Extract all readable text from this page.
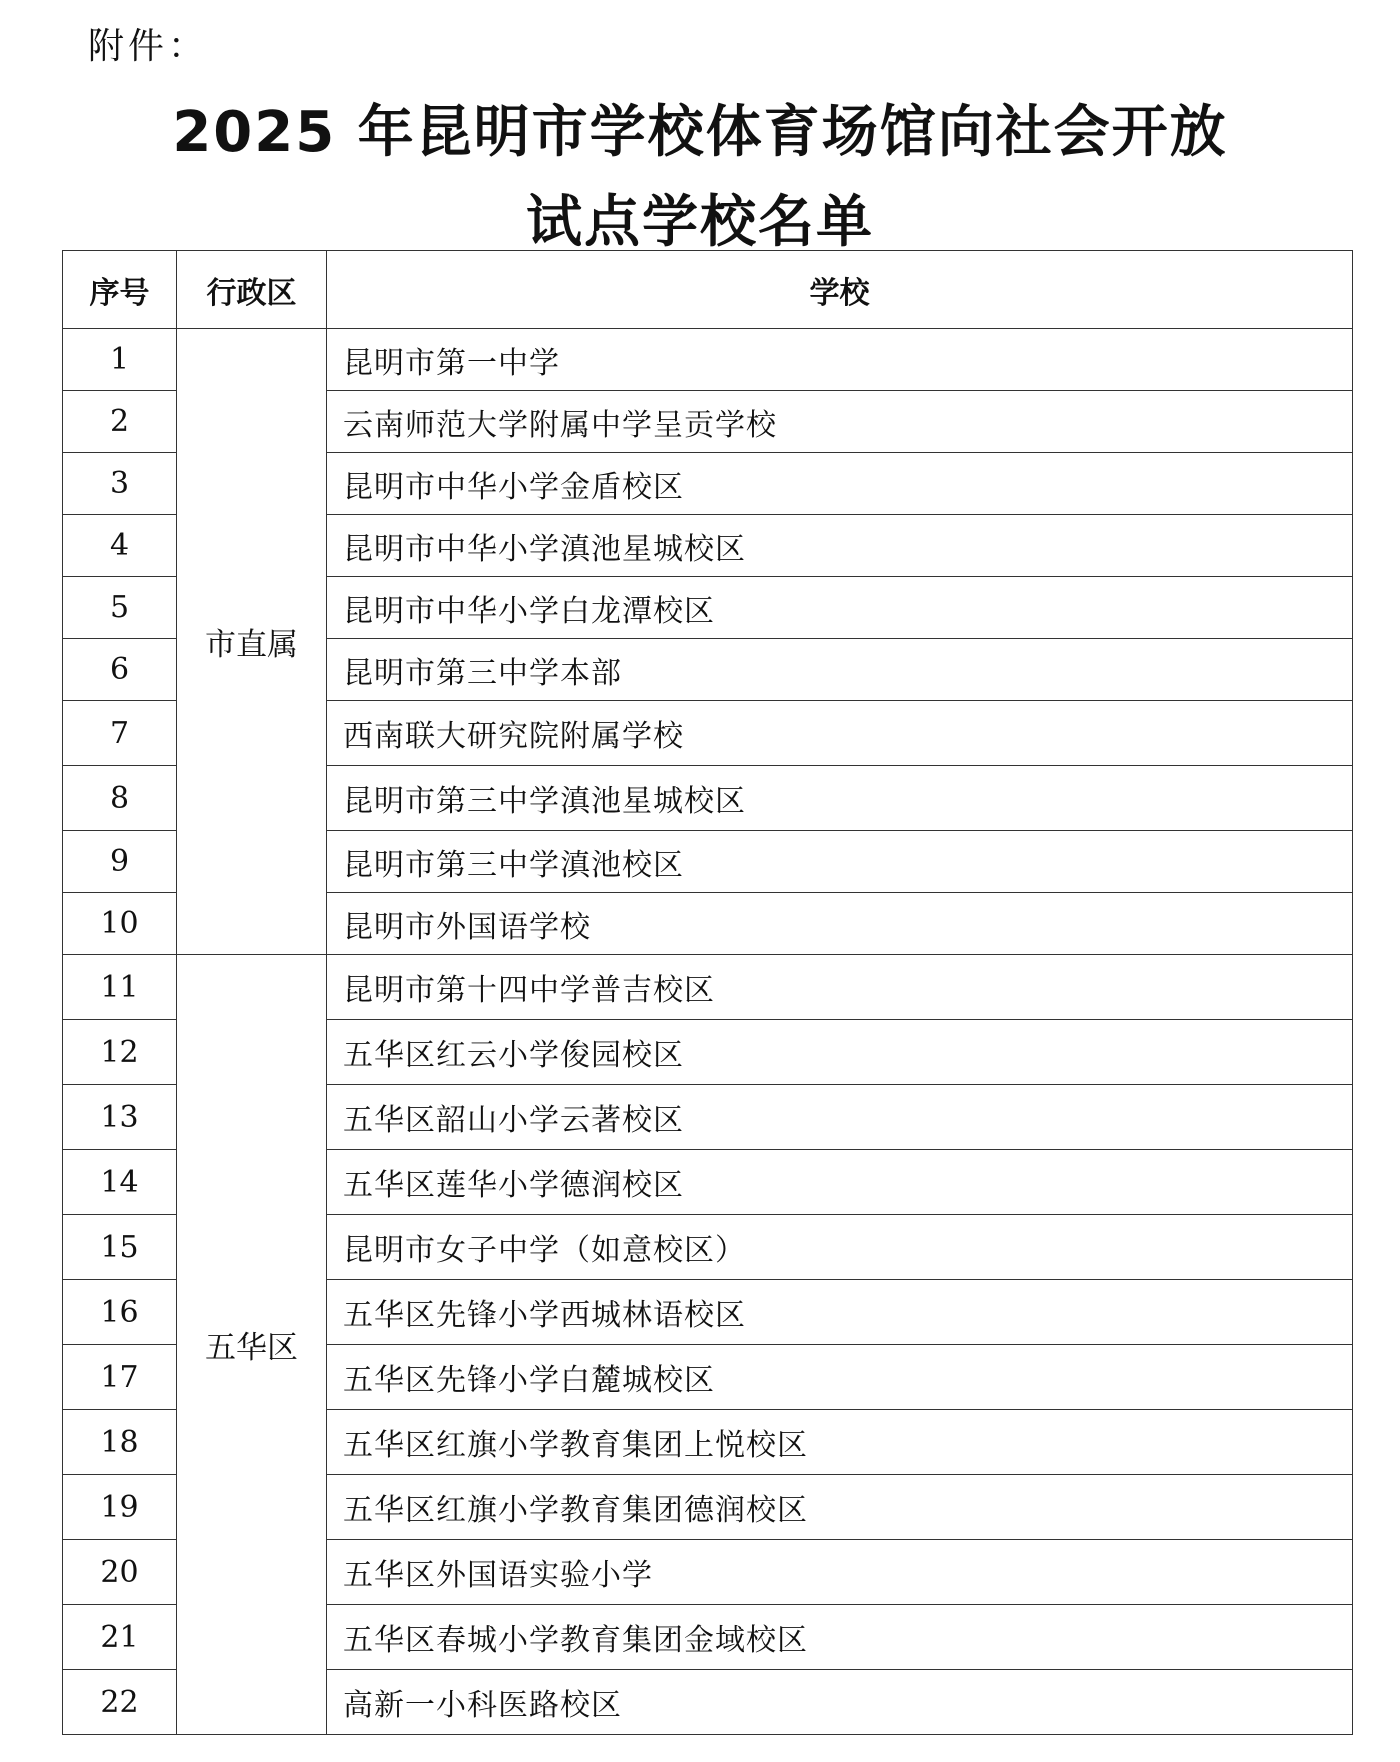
附件：
2025 年昆明市学校体育场馆向社会开放
试点学校名单
序号	行政区	学校
1	市直属	昆明市第一中学
2		云南师范大学附属中学呈贡学校
3		昆明市中华小学金盾校区
4		昆明市中华小学滇池星城校区
5		昆明市中华小学白龙潭校区
6		昆明市第三中学本部
7		西南联大研究院附属学校
8		昆明市第三中学滇池星城校区
9		昆明市第三中学滇池校区
10		昆明市外国语学校
11	五华区	昆明市第十四中学普吉校区
12		五华区红云小学俊园校区
13		五华区韶山小学云著校区
14		五华区莲华小学德润校区
15		昆明市女子中学（如意校区）
16		五华区先锋小学西城林语校区
17		五华区先锋小学白麓城校区
18		五华区红旗小学教育集团上悦校区
19		五华区红旗小学教育集团德润校区
20		五华区外国语实验小学
21		五华区春城小学教育集团金域校区
22		高新一小科医路校区
